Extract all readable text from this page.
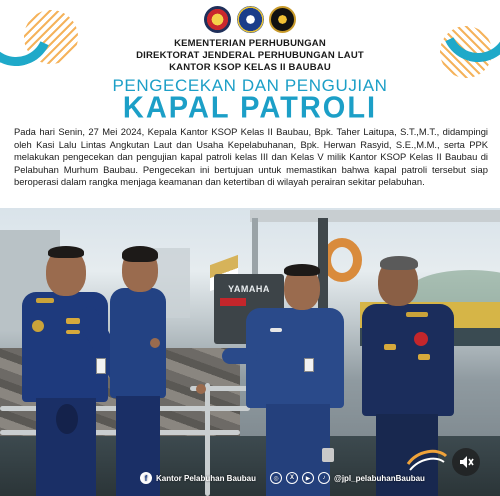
KEMENTERIAN PERHUBUNGAN
DIREKTORAT JENDERAL PERHUBUNGAN LAUT
KANTOR KSOP KELAS II BAUBAU
PENGECEKAN DAN PENGUJIAN
KAPAL PATROLI
Pada hari Senin, 27 Mei 2024, Kepala Kantor KSOP Kelas II Baubau, Bpk. Taher Laitupa, S.T.,M.T., didampingi oleh Kasi Lalu Lintas Angkutan Laut dan Usaha Kepelabuhanan, Bpk. Herwan Rasyid, S.E.,M.M., serta PPK melakukan pengecekan dan pengujian kapal patroli kelas III dan Kelas V milik Kantor KSOP Kelas II Baubau di Pelabuhan Murhum Baubau. Pengecekan ini bertujuan untuk memastikan bahwa kapal patroli tersebut siap beroperasi dalam rangka menjaga keamanan dan ketertiban di wilayah perairan sekitar pelabuhan.
YAMAHA
f	Kantor Pelabuhan Baubau	◎	X	▶	♪	@jpl_pelabuhanBaubau
